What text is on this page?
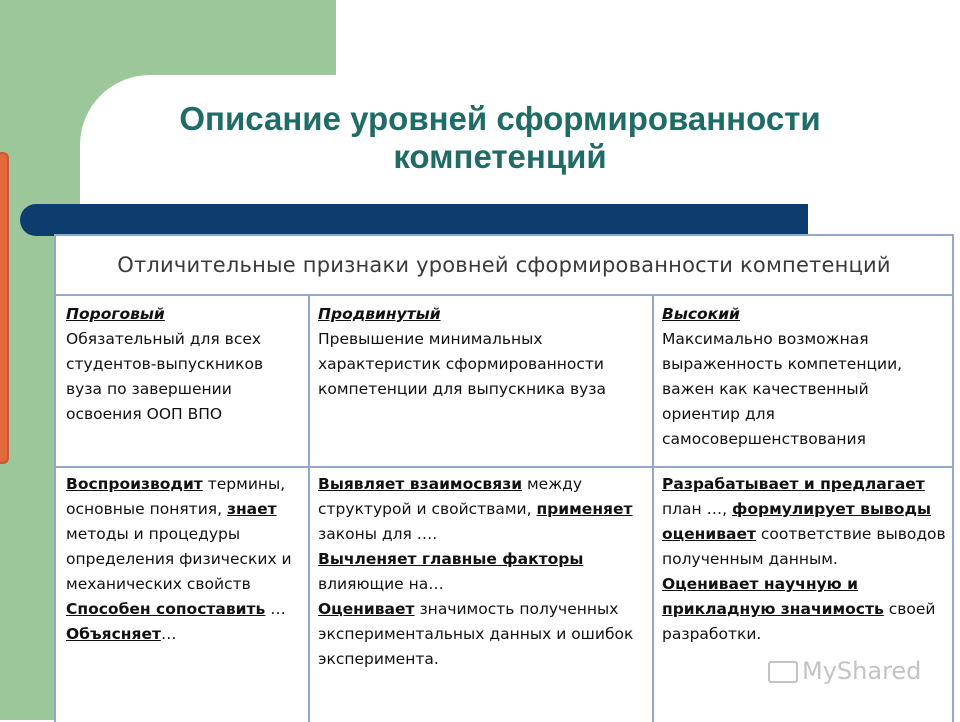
Описание уровней сформированности компетенций
Отличительные признаки уровней сформированности компетенций
Пороговый
Обязательный для всех студентов-выпускников вуза по завершении освоения ООП ВПО
Продвинутый
Превышение минимальных характеристик сформированности компетенции для выпускника вуза
Высокий
Максимально возможная выраженность компетенции, важен как качественный ориентир для самосовершенствования
Воспроизводит термины, основные понятия, знает методы и процедуры определения физических и механических свойств Способен сопоставить …
Объясняет…
Выявляет взаимосвязи между структурой и свойствами, применяет законы для ….
Вычленяет главные факторы влияющие на…
Оценивает значимость полученных экспериментальных данных и ошибок эксперимента.
Разрабатывает и предлагает план …, формулирует выводы оценивает соответствие выводов полученным данным.
Оценивает научную и прикладную значимость своей разработки.
MyShared
